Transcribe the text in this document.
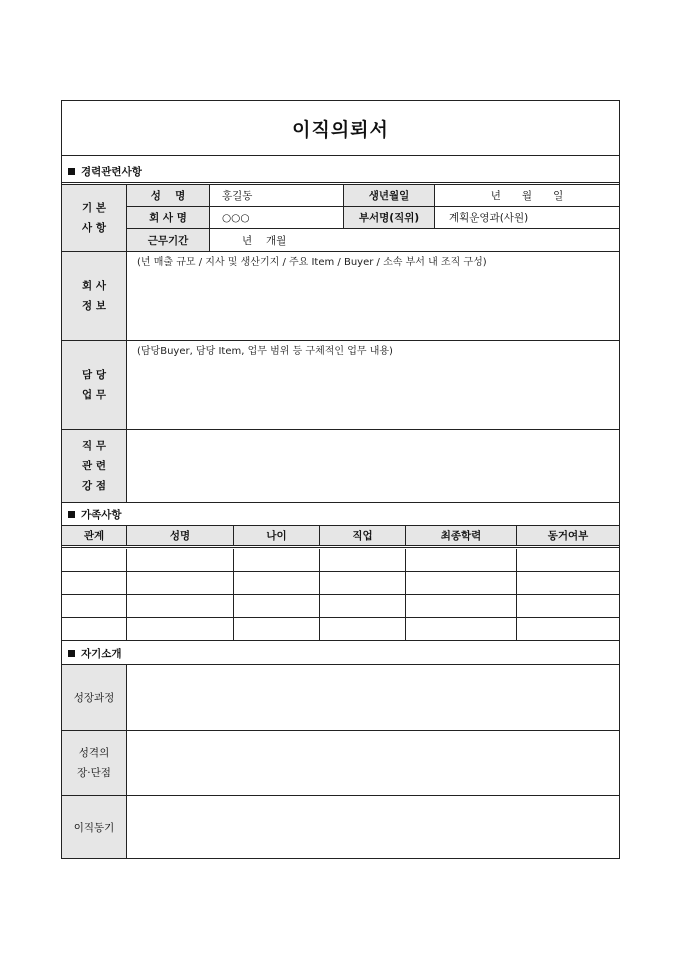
이직의뢰서
경력관련사항
기 본
사 항
성　 명	홍길동	생년월일	년　　월　　일
회 사 명	○○○	부서명(직위)	계획운영과(사원)
근무기간	년　 개월
회 사
정 보
(년 매출 규모 / 지사 및 생산기지 / 주요 Item / Buyer / 소속 부서 내 조직 구성)
담 당
업 무
(담당Buyer, 담당 Item, 업무 범위 등 구체적인 업무 내용)
직 무
관 련
강 점
가족사항
관계	성명	나이	직업	최종학력	동거여부
자기소개
성장과정
성격의
장·단점
이직동기
